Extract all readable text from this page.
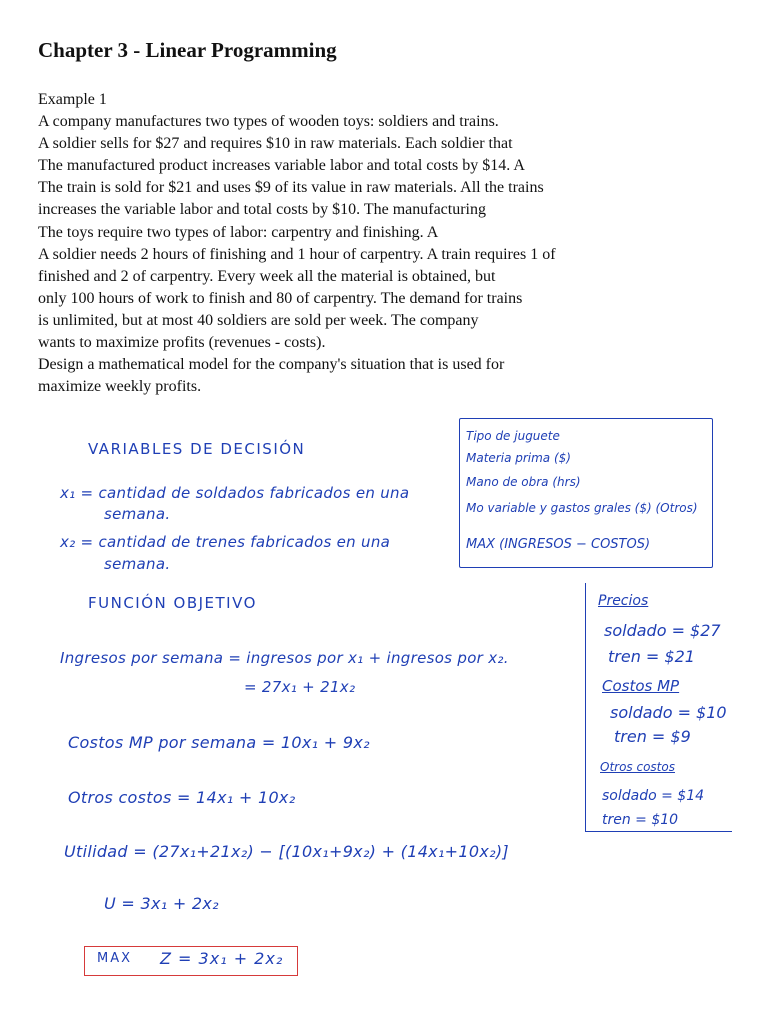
Chapter 3 - Linear Programming
Example 1
A company manufactures two types of wooden toys: soldiers and trains.
A soldier sells for $27 and requires $10 in raw materials. Each soldier that
The manufactured product increases variable labor and total costs by $14. A
The train is sold for $21 and uses $9 of its value in raw materials. All the trains
increases the variable labor and total costs by $10. The manufacturing
The toys require two types of labor: carpentry and finishing. A
A soldier needs 2 hours of finishing and 1 hour of carpentry. A train requires 1 of
finished and 2 of carpentry. Every week all the material is obtained, but
only 100 hours of work to finish and 80 of carpentry. The demand for trains
is unlimited, but at most 40 soldiers are sold per week. The company
wants to maximize profits (revenues - costs).
Design a mathematical model for the company's situation that is used for
maximize weekly profits.
VARIABLES DE DECISIÓN
x₁ = cantidad de soldados fabricados en una
semana.
x₂ = cantidad de trenes fabricados en una
semana.
FUNCIÓN OBJETIVO
Ingresos por semana = ingresos por x₁ + ingresos por x₂.
= 27x₁ + 21x₂
Costos MP por semana = 10x₁ + 9x₂
Otros costos = 14x₁ + 10x₂
Utilidad = (27x₁+21x₂) − [(10x₁+9x₂) + (14x₁+10x₂)]
U = 3x₁ + 2x₂
Tipo de juguete
Materia prima ($)
Mano de obra (hrs)
Mo variable y gastos grales ($) (Otros)
MAX (INGRESOS − COSTOS)
Precios
soldado = $27
tren = $21
Costos MP
soldado = $10
tren = $9
Otros costos
soldado = $14
tren = $10
MAX Z = 3x₁ + 2x₂
